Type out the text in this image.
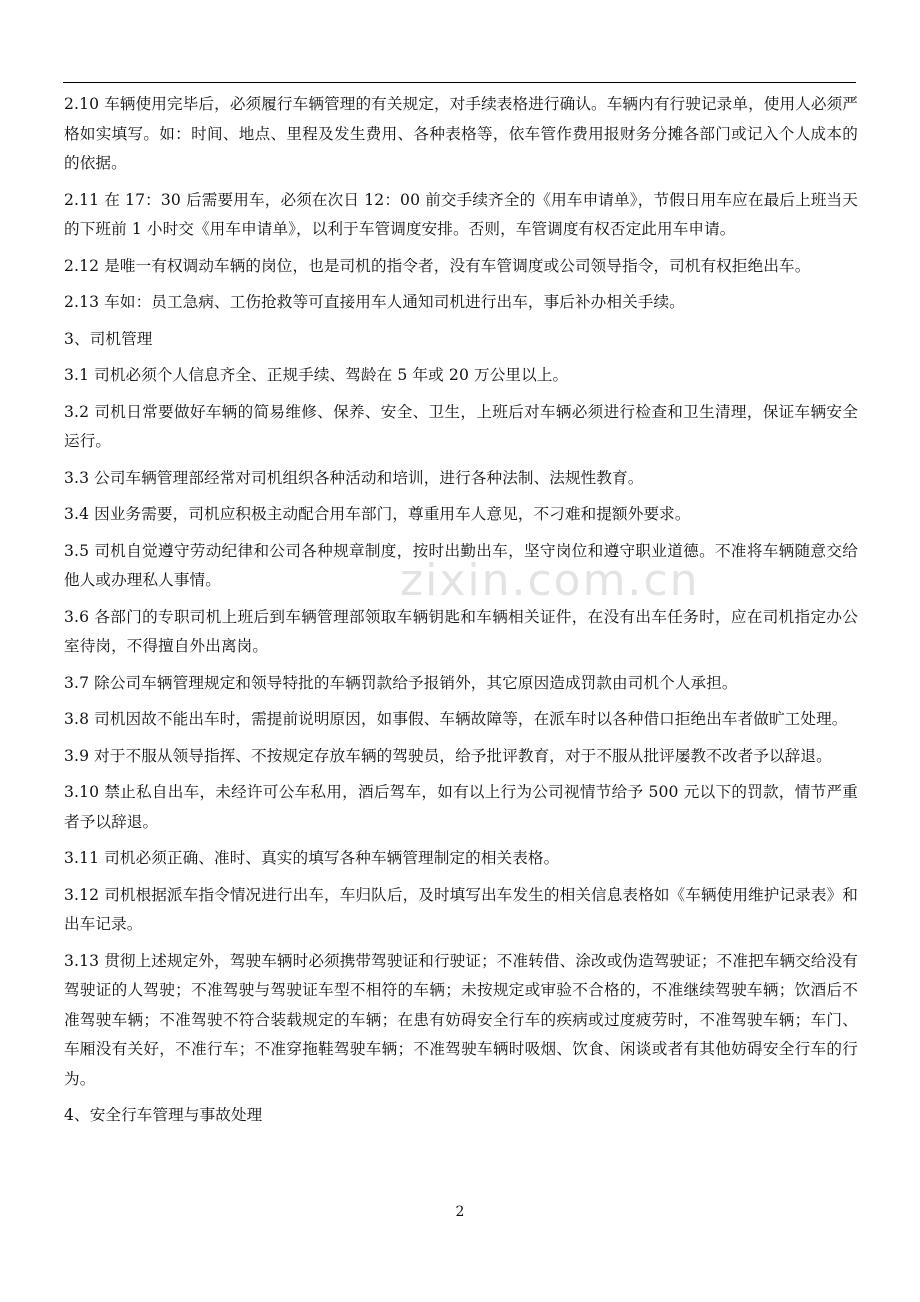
zixin.com.cn

2.10 车辆使用完毕后，必须履行车辆管理的有关规定，对手续表格进行确认。车辆内有行驶记录单，使用人必须严格如实填写。如：时间、地点、里程及发生费用、各种表格等，依车管作费用报财务分摊各部门或记入个人成本的的依据。

2.11 在 17：30 后需要用车，必须在次日 12：00 前交手续齐全的《用车申请单》，节假日用车应在最后上班当天的下班前 1 小时交《用车申请单》，以利于车管调度安排。否则，车管调度有权否定此用车申请。

2.12 是唯一有权调动车辆的岗位，也是司机的指令者，没有车管调度或公司领导指令，司机有权拒绝出车。

2.13 车如：员工急病、工伤抢救等可直接用车人通知司机进行出车，事后补办相关手续。

3、司机管理

3.1 司机必须个人信息齐全、正规手续、驾龄在 5 年或 20 万公里以上。

3.2 司机日常要做好车辆的简易维修、保养、安全、卫生，上班后对车辆必须进行检查和卫生清理，保证车辆安全运行。

3.3 公司车辆管理部经常对司机组织各种活动和培训，进行各种法制、法规性教育。

3.4 因业务需要，司机应积极主动配合用车部门，尊重用车人意见，不刁难和提额外要求。

3.5 司机自觉遵守劳动纪律和公司各种规章制度，按时出勤出车，坚守岗位和遵守职业道德。不准将车辆随意交给他人或办理私人事情。

3.6 各部门的专职司机上班后到车辆管理部领取车辆钥匙和车辆相关证件，在没有出车任务时，应在司机指定办公室待岗，不得擅自外出离岗。

3.7 除公司车辆管理规定和领导特批的车辆罚款给予报销外，其它原因造成罚款由司机个人承担。

3.8 司机因故不能出车时，需提前说明原因，如事假、车辆故障等，在派车时以各种借口拒绝出车者做旷工处理。

3.9 对于不服从领导指挥、不按规定存放车辆的驾驶员，给予批评教育，对于不服从批评屡教不改者予以辞退。

3.10 禁止私自出车，未经许可公车私用，酒后驾车，如有以上行为公司视情节给予 500 元以下的罚款，情节严重者予以辞退。

3.11 司机必须正确、准时、真实的填写各种车辆管理制定的相关表格。

3.12 司机根据派车指令情况进行出车，车归队后，及时填写出车发生的相关信息表格如《车辆使用维护记录表》和出车记录。

3.13 贯彻上述规定外，驾驶车辆时必须携带驾驶证和行驶证；不准转借、涂改或伪造驾驶证；不准把车辆交给没有驾驶证的人驾驶；不准驾驶与驾驶证车型不相符的车辆；未按规定或审验不合格的，不准继续驾驶车辆；饮酒后不准驾驶车辆；不准驾驶不符合装载规定的车辆；在患有妨碍安全行车的疾病或过度疲劳时，不准驾驶车辆；车门、车厢没有关好，不准行车；不准穿拖鞋驾驶车辆；不准驾驶车辆时吸烟、饮食、闲谈或者有其他妨碍安全行车的行为。

4、安全行车管理与事故处理

2
